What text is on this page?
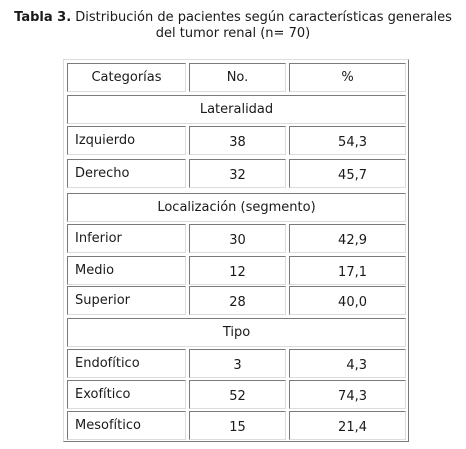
Tabla 3. Distribución de pacientes según características generales
del tumor renal (n= 70)
Categorías	No.	%
Lateralidad
Izquierdo	38	54,3
Derecho	32	45,7
Localización (segmento)
Inferior	30	42,9
Medio	12	17,1
Superior	28	40,0
Tipo
Endofítico	3	4,3
Exofítico	52	74,3
Mesofítico	15	21,4
